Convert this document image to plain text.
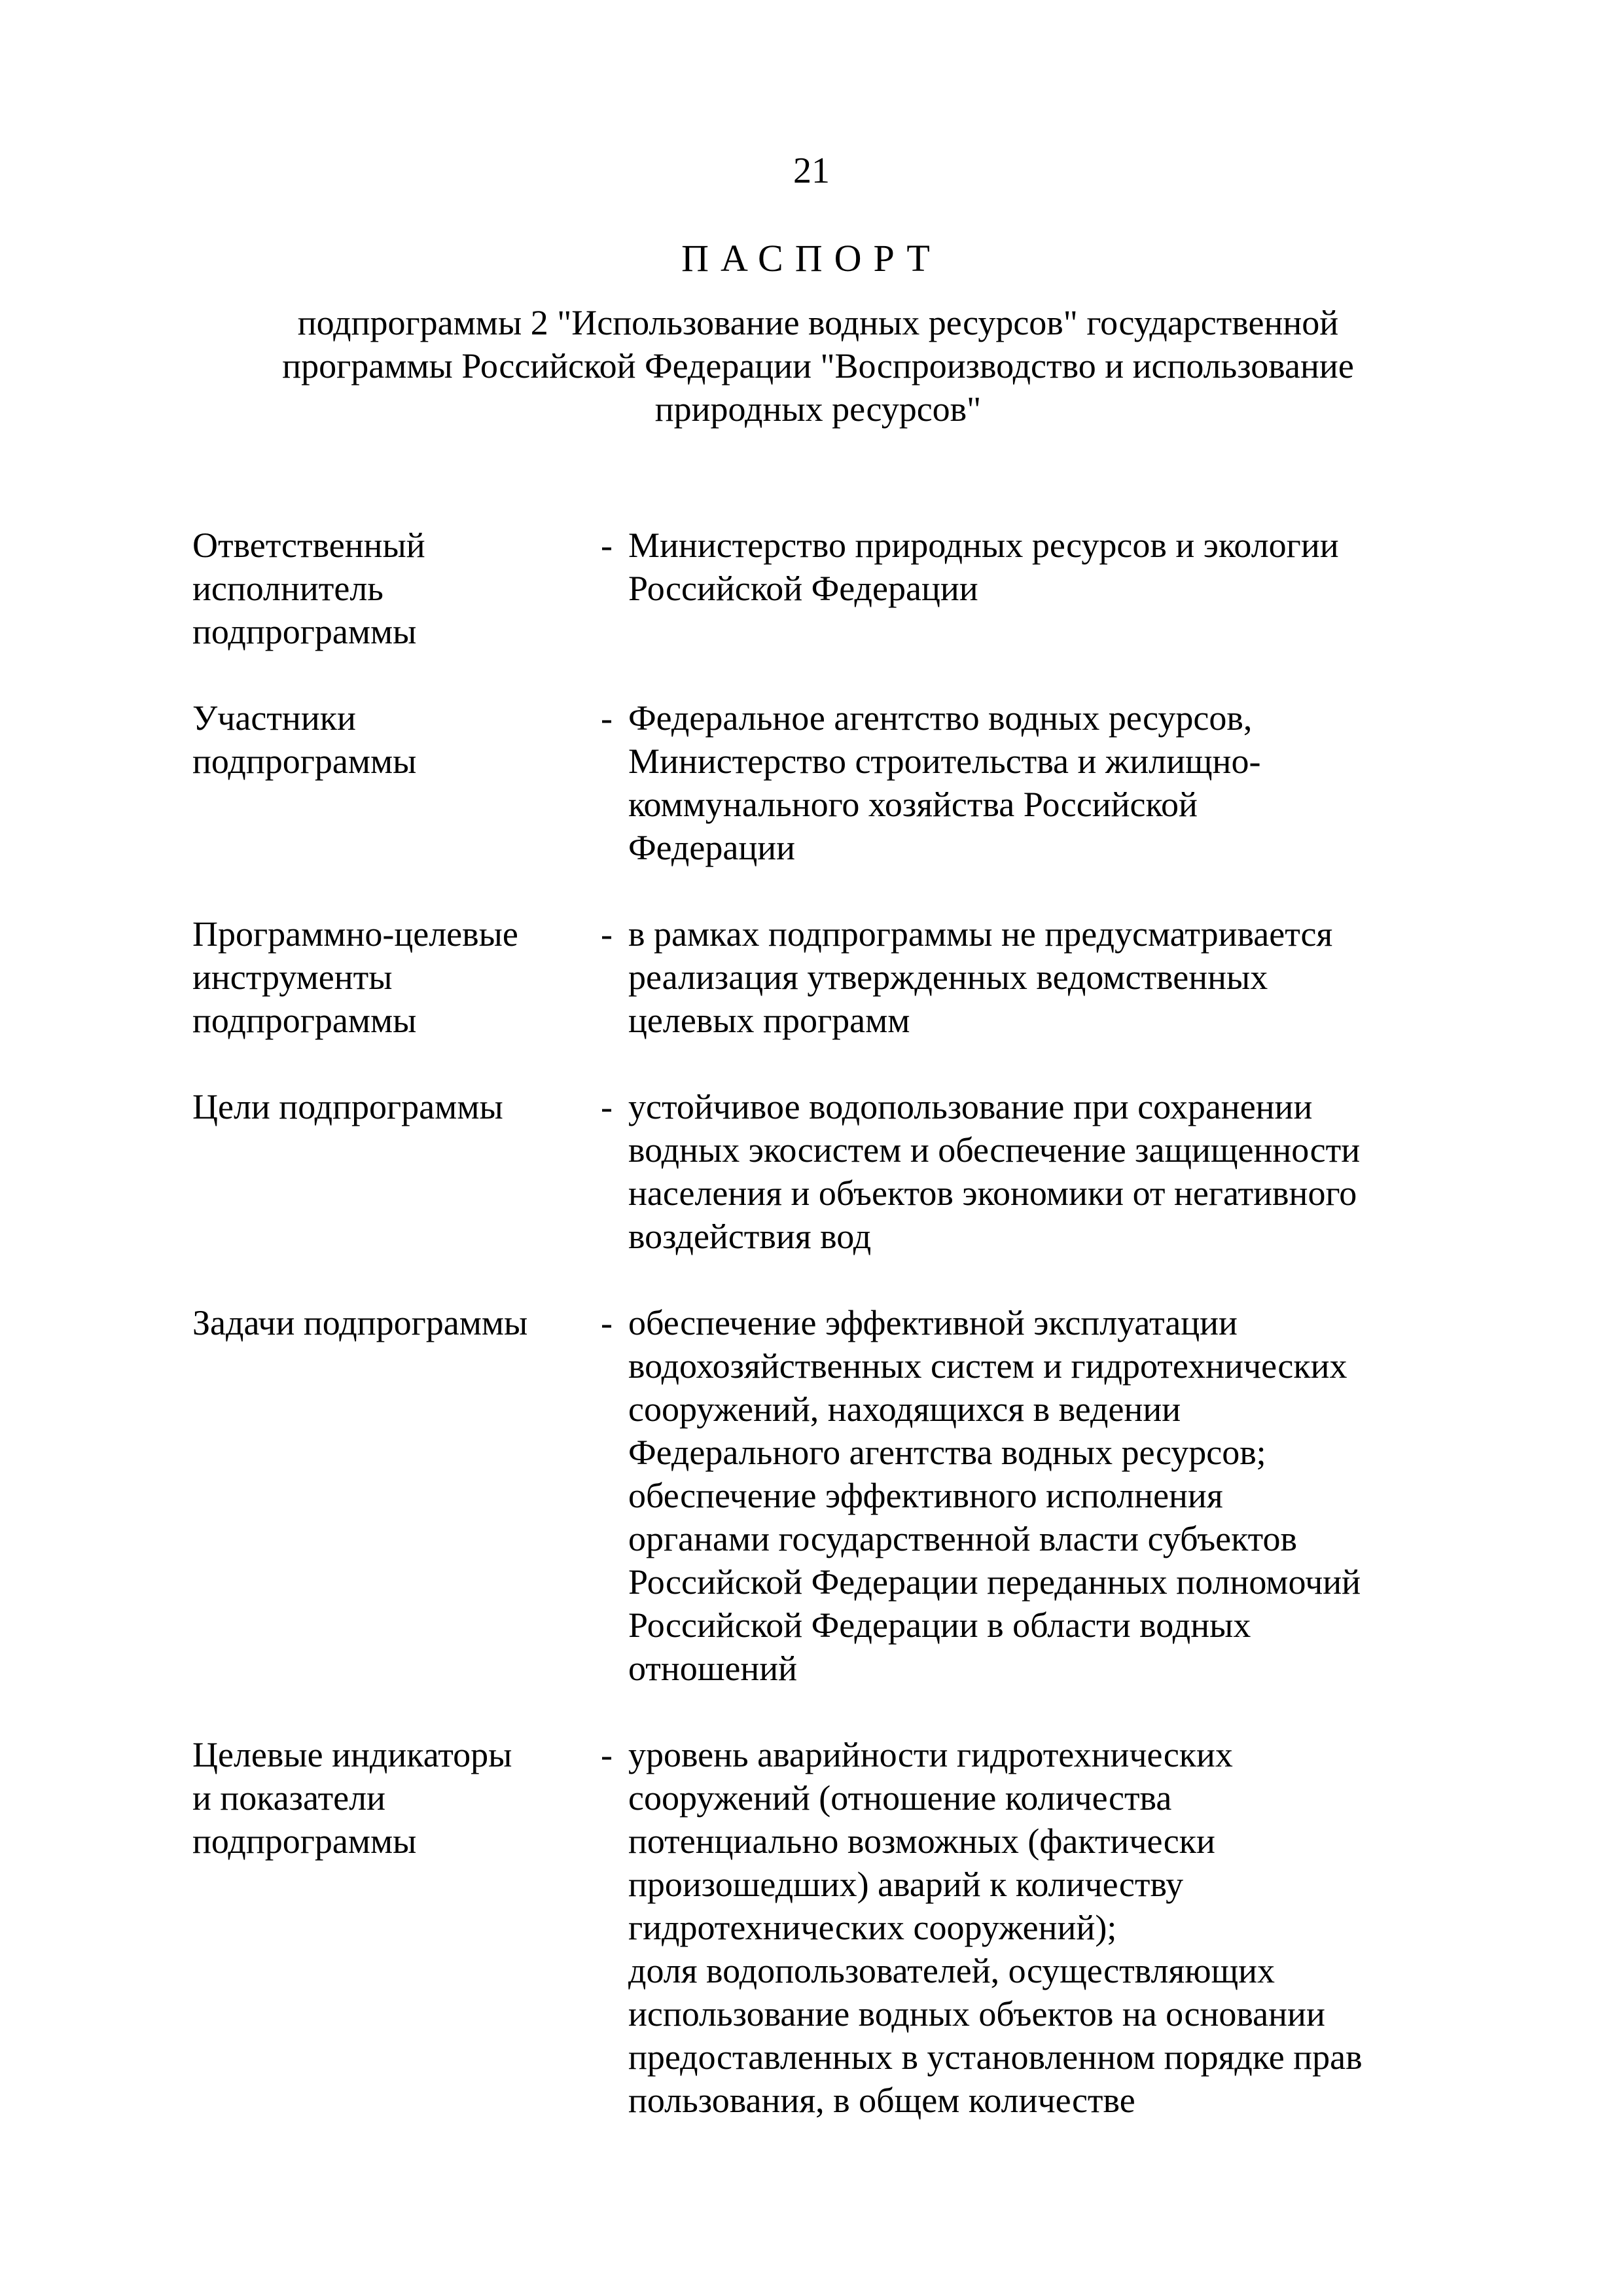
21
ПАСПОРТ
подпрограммы 2 "Использование водных ресурсов" государственной
программы Российской Федерации "Воспроизводство и использование
природных ресурсов"
Ответственный
исполнитель
подпрограммы
- Министерство природных ресурсов и экологии
Российской Федерации
Участники
подпрограммы
- Федеральное агентство водных ресурсов,
Министерство строительства и жилищно-
коммунального хозяйства Российской
Федерации
Программно-целевые
инструменты
подпрограммы
- в рамках подпрограммы не предусматривается
реализация утвержденных ведомственных
целевых программ
Цели подпрограммы	- устойчивое водопользование при сохранении
водных экосистем и обеспечение защищенности
населения и объектов экономики от негативного
воздействия вод
Задачи подпрограммы	- обеспечение эффективной эксплуатации
водохозяйственных систем и гидротехнических
сооружений, находящихся в ведении
Федерального агентства водных ресурсов;
обеспечение эффективного исполнения
органами государственной власти субъектов
Российской Федерации переданных полномочий
Российской Федерации в области водных
отношений
Целевые индикаторы
и показатели
подпрограммы
- уровень аварийности гидротехнических
сооружений (отношение количества
потенциально возможных (фактически
произошедших) аварий к количеству
гидротехнических сооружений);
доля водопользователей, осуществляющих
использование водных объектов на основании
предоставленных в установленном порядке прав
пользования, в общем количестве
